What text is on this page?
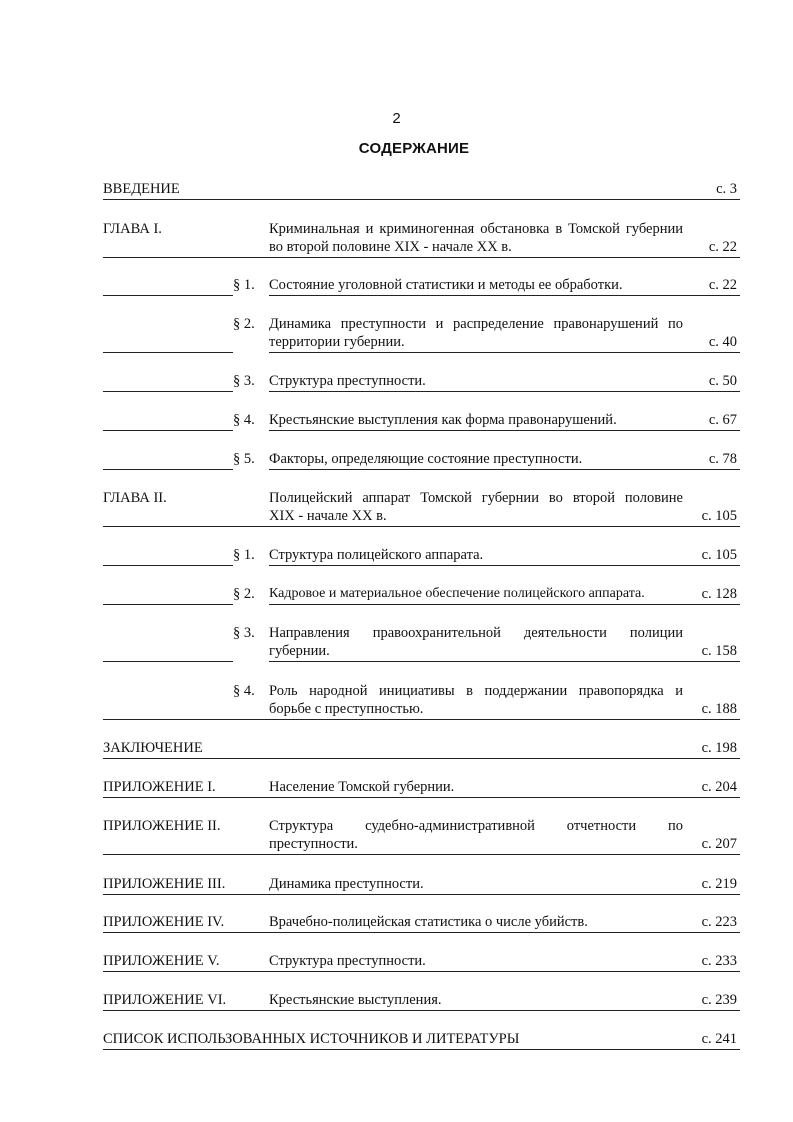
2
СОДЕРЖАНИЕ
ВВЕДЕНИЕ	с. 3
ГЛАВА I.	Криминальная и криминогенная обстановка в Томской губернии
во второй половине XIX - начале XX в.	с. 22
§ 1. Состояние уголовной статистики и методы ее обработки.	с. 22
§ 2. Динамика преступности и распределение правонарушений по
территории губернии.	с. 40
§ 3. Структура преступности.	с. 50
§ 4. Крестьянские выступления как форма правонарушений.	с. 67
§ 5. Факторы, определяющие состояние преступности.	с. 78
ГЛАВА II.	Полицейский аппарат Томской губернии во второй половине
XIX - начале XX в.	с. 105
§ 1. Структура полицейского аппарата.	с. 105
§ 2. Кадровое и материальное обеспечение полицейского аппарата.	с. 128
§ 3. Направления правоохранительной деятельности полиции
губернии.	с. 158
§ 4. Роль народной инициативы в поддержании правопорядка и
борьбе с преступностью.	с. 188
ЗАКЛЮЧЕНИЕ	с. 198
ПРИЛОЖЕНИЕ I.	Население Томской губернии.	с. 204
ПРИЛОЖЕНИЕ II.	Структура судебно-административной отчетности по
преступности.	с. 207
ПРИЛОЖЕНИЕ III.	Динамика преступности.	с. 219
ПРИЛОЖЕНИЕ IV.	Врачебно-полицейская статистика о числе убийств.	с. 223
ПРИЛОЖЕНИЕ V.	Структура преступности.	с. 233
ПРИЛОЖЕНИЕ VI.	Крестьянские выступления.	с. 239
СПИСОК ИСПОЛЬЗОВАННЫХ ИСТОЧНИКОВ И ЛИТЕРАТУРЫ	с. 241
